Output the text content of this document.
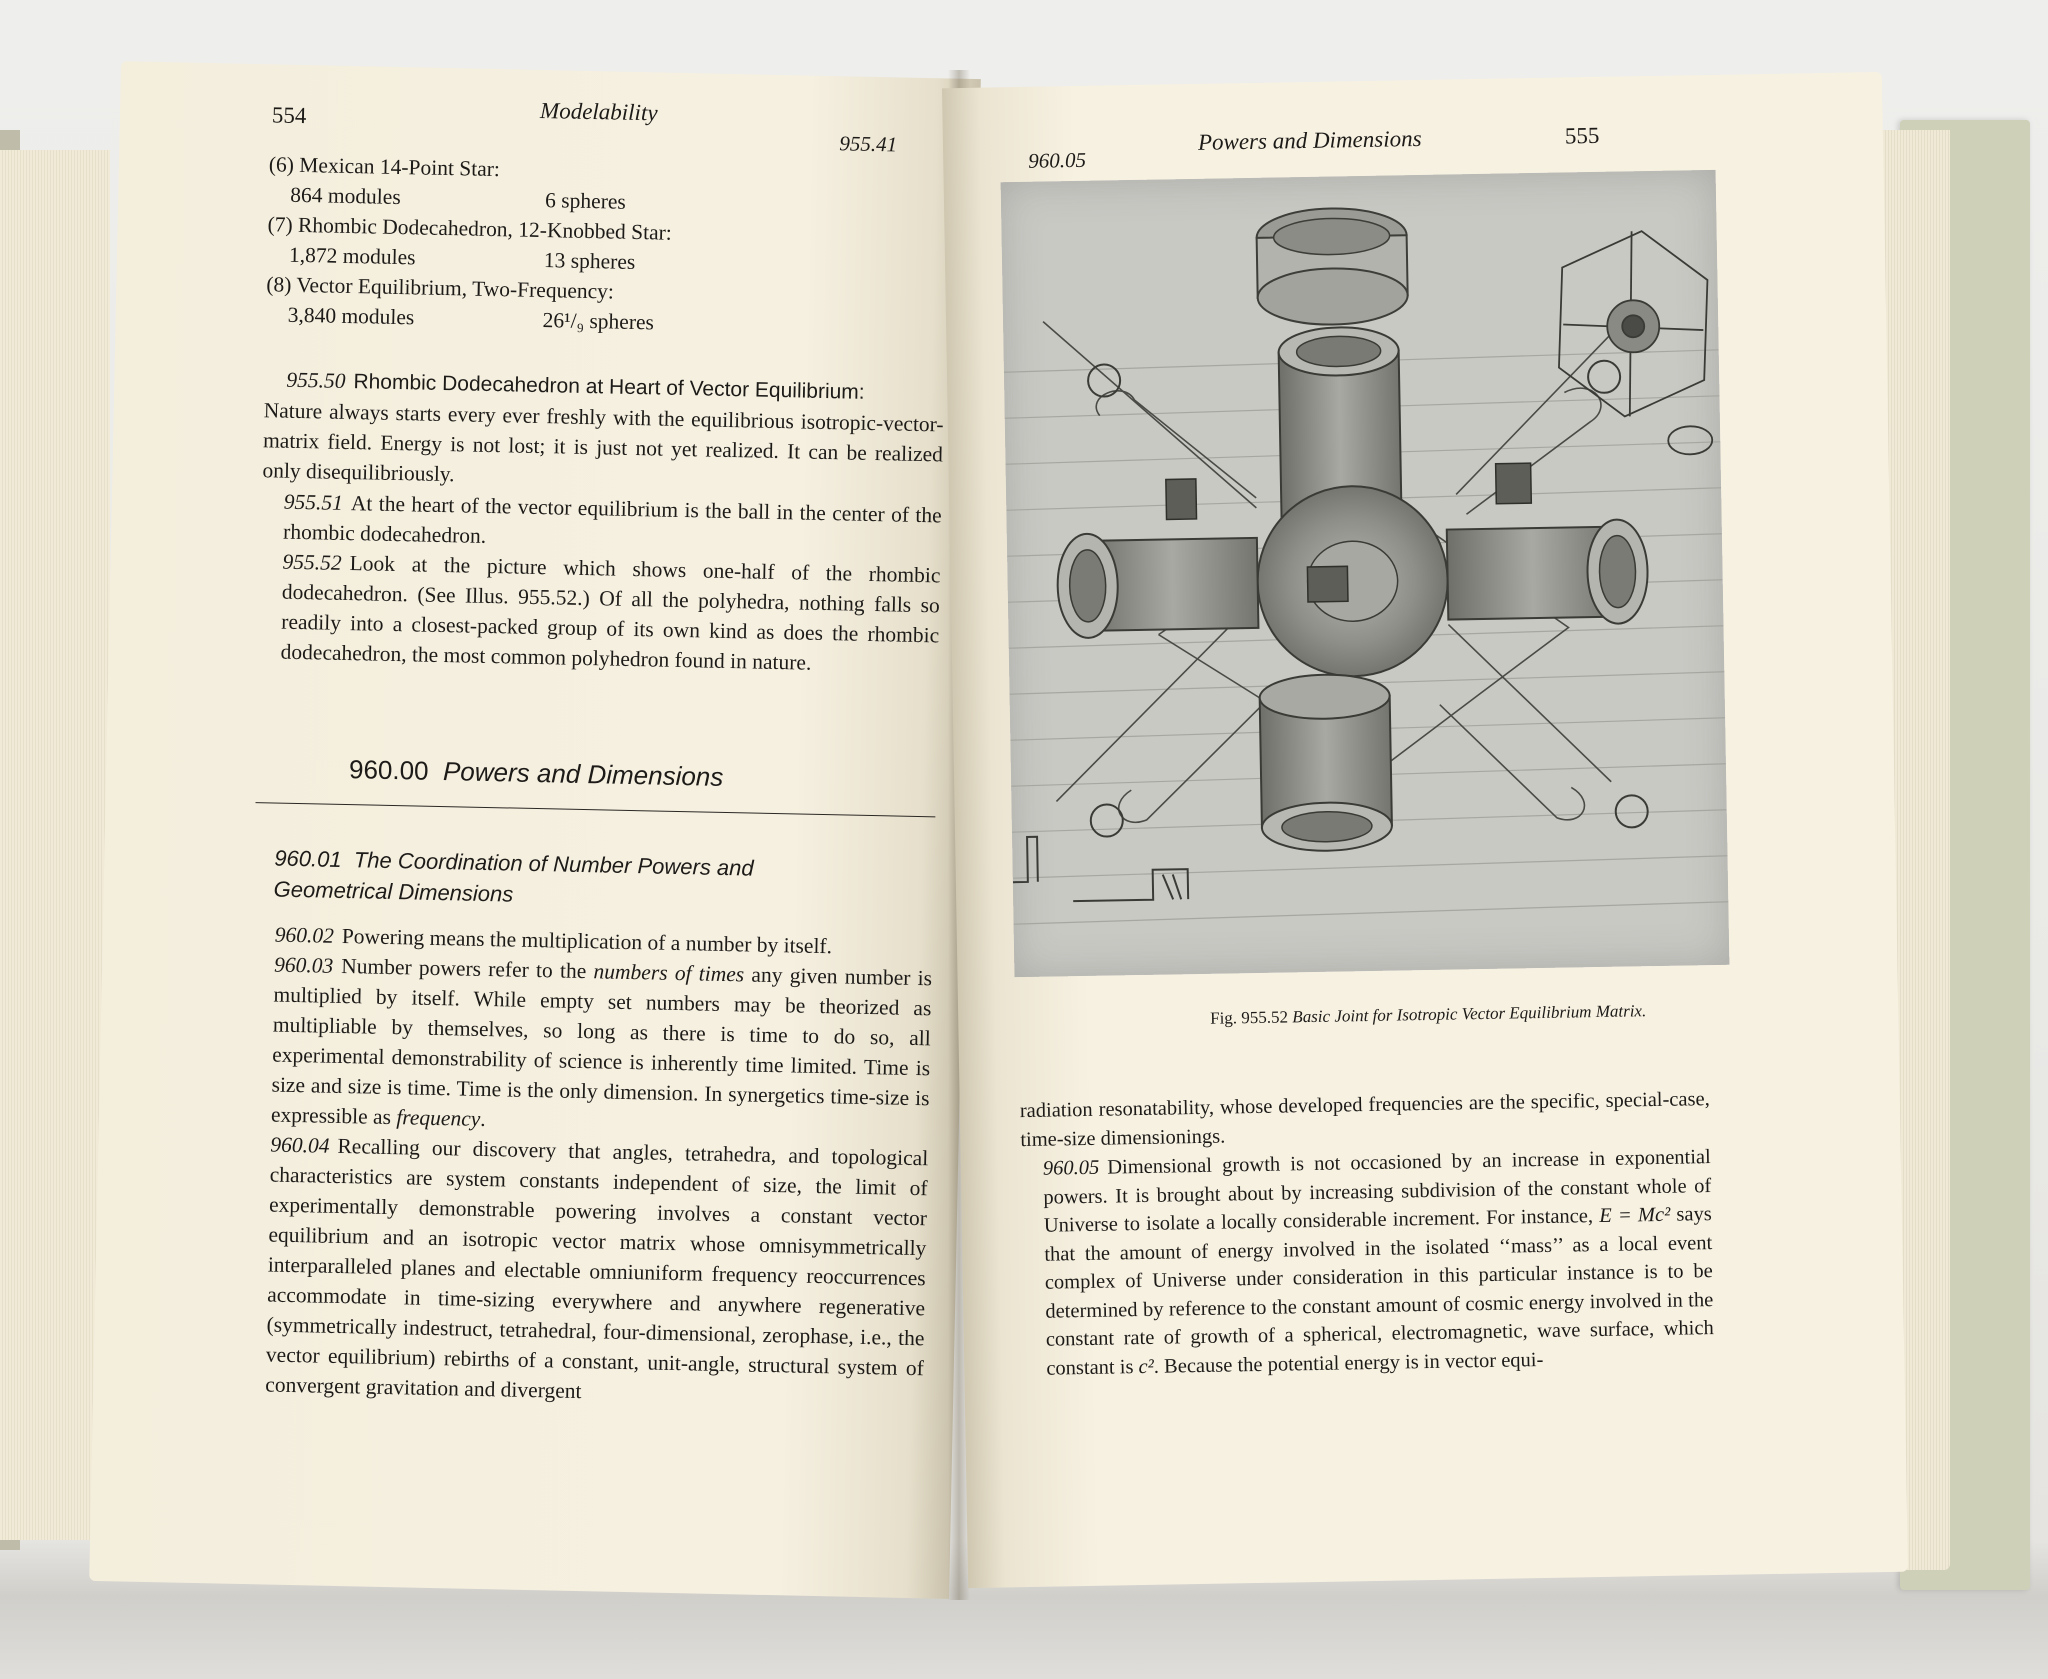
554	Modelability
955.41
(6) Mexican 14-Point Star:
864 modules	6 spheres
(7) Rhombic Dodecahedron, 12-Knobbed Star:
1,872 modules	13 spheres
(8) Vector Equilibrium, Two-Frequency:
3,840 modules	26¹/₉ spheres

955.50 Rhombic Dodecahedron at Heart of Vector Equilibrium:

Nature always starts every ever freshly with the equilibrious isotropic-vector-matrix field. Energy is not lost; it is just not yet realized. It can be realized only disequilibriously.

955.51 At the heart of the vector equilibrium is the ball in the center of the rhombic dodecahedron.

955.52 Look at the picture which shows one-half of the rhombic dodecahedron. (See Illus. 955.52.) Of all the polyhedra, nothing falls so readily into a closest-packed group of its own kind as does the rhombic dodecahedron, the most common polyhedron found in nature.

960.00 Powers and Dimensions
960.01 The Coordination of Number Powers and Geometrical Dimensions

960.02 Powering means the multiplication of a number by itself.

960.03 Number powers refer to the numbers of times any given number is multiplied by itself. While empty set numbers may be theorized as multipliable by themselves, so long as there is time to do so, all experimental demonstrability of science is inherently time limited. Time is size and size is time. Time is the only dimension. In synergetics time-size is expressible as frequency.

960.04 Recalling our discovery that angles, tetrahedra, and topological characteristics are system constants independent of size, the limit of experimentally demonstrable powering involves a constant vector equilibrium and an isotropic vector matrix whose omnisymmetrically interparalleled planes and electable omniuniform frequency reoccurrences accommodate in time-sizing everywhere and anywhere regenerative (symmetrically indestruct, tetrahedral, four-dimensional, zerophase, i.e., the vector equilibrium) rebirths of a constant, unit-angle, structural system of convergent gravitation and divergent

960.05
Powers and Dimensions	555
Fig. 955.52 Basic Joint for Isotropic Vector Equilibrium Matrix.

radiation resonatability, whose developed frequencies are the specific, special-case, time-size dimensionings.

960.05 Dimensional growth is not occasioned by an increase in exponential powers. It is brought about by increasing subdivision of the constant whole of Universe to isolate a locally considerable increment. For instance, E = Mc² says that the amount of energy involved in the isolated ‘‘mass’’ as a local event complex of Universe under consideration in this particular instance is to be determined by reference to the constant amount of cosmic energy involved in the constant rate of growth of a spherical, electromagnetic, wave surface, which constant is c². Because the potential energy is in vector equi-
